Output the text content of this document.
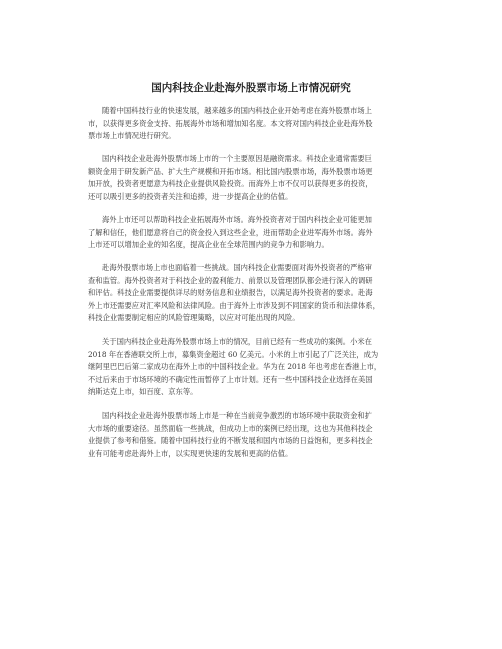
国内科技企业赴海外股票市场上市情况研究
随着中国科技行业的快速发展，越来越多的国内科技企业开始考虑在海外股票市场上
市，以获得更多资金支持、拓展海外市场和增加知名度。本文将对国内科技企业赴海外股
票市场上市情况进行研究。
国内科技企业赴海外股票市场上市的一个主要原因是融资需求。科技企业通常需要巨
额资金用于研发新产品、扩大生产规模和开拓市场。相比国内股票市场，海外股票市场更
加开放，投资者更愿意为科技企业提供风险投资。而海外上市不仅可以获得更多的投资，
还可以吸引更多的投资者关注和追捧，进一步提高企业的估值。
海外上市还可以帮助科技企业拓展海外市场。海外投资者对于国内科技企业可能更加
了解和信任，他们愿意将自己的资金投入到这些企业，进而帮助企业进军海外市场。海外
上市还可以增加企业的知名度，提高企业在全球范围内的竞争力和影响力。
赴海外股票市场上市也面临着一些挑战。国内科技企业需要面对海外投资者的严格审
查和监管。海外投资者对于科技企业的盈利能力、前景以及管理团队都会进行深入的调研
和评估。科技企业需要提供详尽的财务信息和业绩报告，以满足海外投资者的要求。赴海
外上市还需要应对汇率风险和法律风险。由于海外上市涉及到不同国家的货币和法律体系，
科技企业需要制定相应的风险管理策略，以应对可能出现的风险。
关于国内科技企业赴海外股票市场上市的情况，目前已经有一些成功的案例。小米在
2018 年在香港联交所上市，募集资金超过 60 亿美元。小米的上市引起了广泛关注，成为
继阿里巴巴后第二家成功在海外上市的中国科技企业。华为在 2018 年也考虑在香港上市，
不过后来由于市场环境的不确定性而暂停了上市计划。还有一些中国科技企业选择在美国
纳斯达克上市，如百度、京东等。
国内科技企业赴海外股票市场上市是一种在当前竞争激烈的市场环境中获取资金和扩
大市场的重要途径。虽然面临一些挑战，但成功上市的案例已经出现，这也为其他科技企
业提供了参考和借鉴。随着中国科技行业的不断发展和国内市场的日益饱和，更多科技企
业有可能考虑赴海外上市，以实现更快速的发展和更高的估值。
